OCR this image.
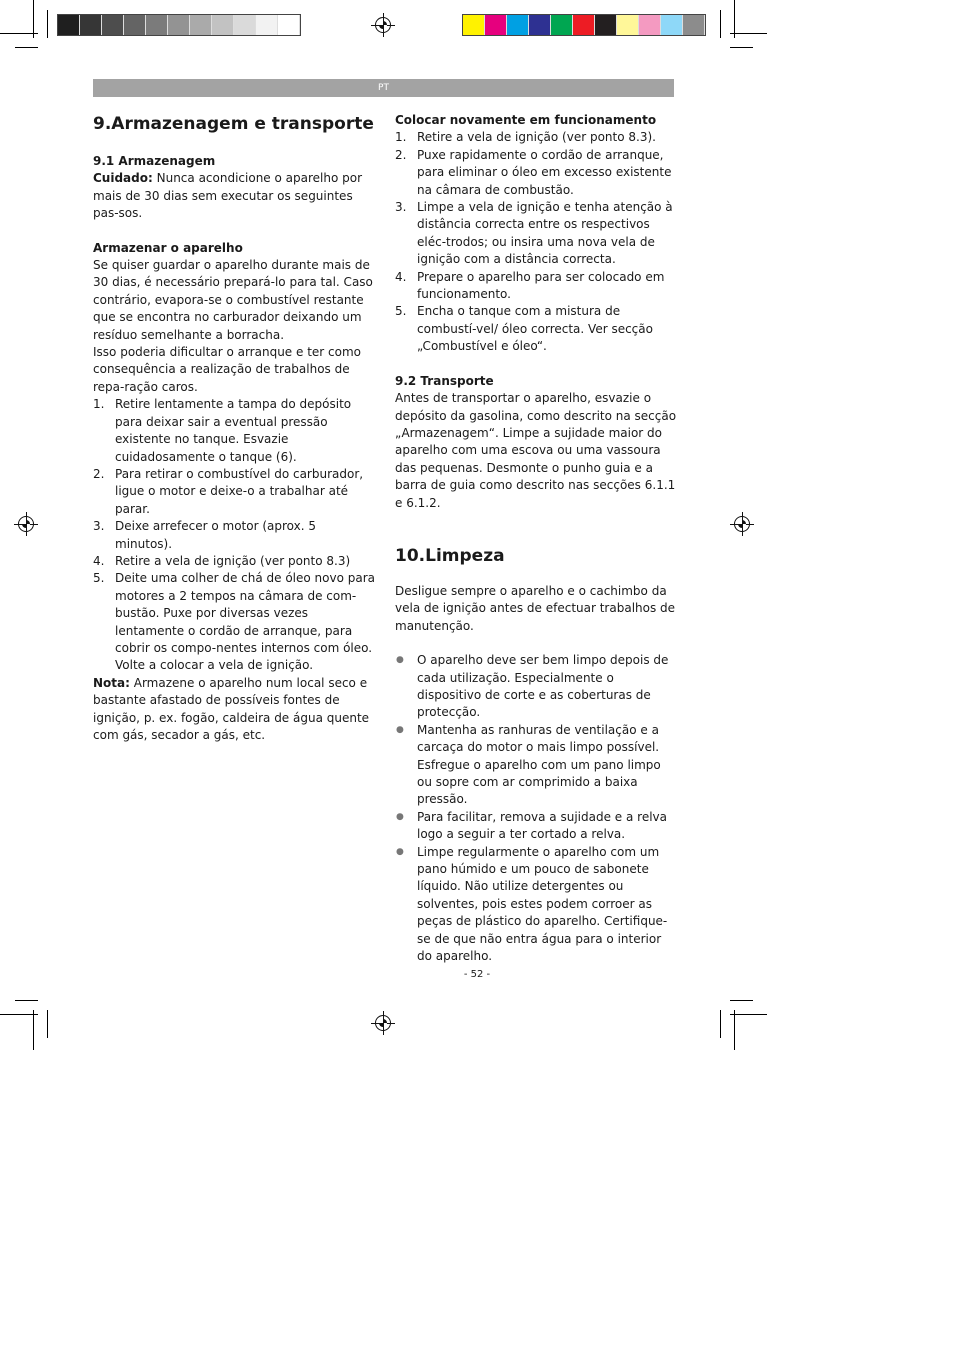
PT
9.Armazenagem e transporte
9.1 Armazenagem

Cuidado: Nunca acondicione o aparelho por mais de 30 dias sem executar os seguintes pas-sos.

Armazenar o aparelho

Se quiser guardar o aparelho durante mais de 30 dias, é necessário prepará-lo para tal. Caso contrário, evapora-se o combustível restante que se encontra no carburador deixando um resíduo semelhante a borracha.

Isso poderia dificultar o arranque e ter como consequência a realização de trabalhos de repa-ração caros.

1. Retire lentamente a tampa do depósito para deixar sair a eventual pressão existente no tanque. Esvazie cuidadosamente o tanque (6).
2. Para retirar o combustível do carburador, ligue o motor e deixe-o a trabalhar até parar.
3. Deixe arrefecer o motor (aprox. 5 minutos).
4. Retire a vela de ignição (ver ponto 8.3)
5. Deite uma colher de chá de óleo novo para motores a 2 tempos na câmara de com-bustão. Puxe por diversas vezes lentamente o cordão de arranque, para cobrir os compo-nentes internos com óleo. Volte a colocar a vela de ignição.

Nota: Armazene o aparelho num local seco e bastante afastado de possíveis fontes de ignição, p. ex. fogão, caldeira de água quente com gás, secador a gás, etc.

Colocar novamente em funcionamento
1. Retire a vela de ignição (ver ponto 8.3).
2. Puxe rapidamente o cordão de arranque, para eliminar o óleo em excesso existente na câmara de combustão.
3. Limpe a vela de ignição e tenha atenção à distância correcta entre os respectivos eléc-trodos; ou insira uma nova vela de ignição com a distância correcta.
4. Prepare o aparelho para ser colocado em funcionamento.
5. Encha o tanque com a mistura de combustí-vel/ óleo correcta. Ver secção „Combustível e óleo“.
9.2 Transporte

Antes de transportar o aparelho, esvazie o depósito da gasolina, como descrito na secção „Armazenagem“. Limpe a sujidade maior do aparelho com uma escova ou uma vassoura das pequenas. Desmonte o punho guia e a barra de guia como descrito nas secções 6.1.1 e 6.1.2.

10.Limpeza

Desligue sempre o aparelho e o cachimbo da vela de ignição antes de efectuar trabalhos de manutenção.

● O aparelho deve ser bem limpo depois de cada utilização. Especialmente o dispositivo de corte e as coberturas de protecção.
● Mantenha as ranhuras de ventilação e a carcaça do motor o mais limpo possível. Esfregue o aparelho com um pano limpo ou sopre com ar comprimido a baixa pressão.
● Para facilitar, remova a sujidade e a relva logo a seguir a ter cortado a relva.
● Limpe regularmente o aparelho com um pano húmido e um pouco de sabonete líquido. Não utilize detergentes ou solventes, pois estes podem corroer as peças de plástico do aparelho. Certifique-se de que não entra água para o interior do aparelho.
- 52 -
